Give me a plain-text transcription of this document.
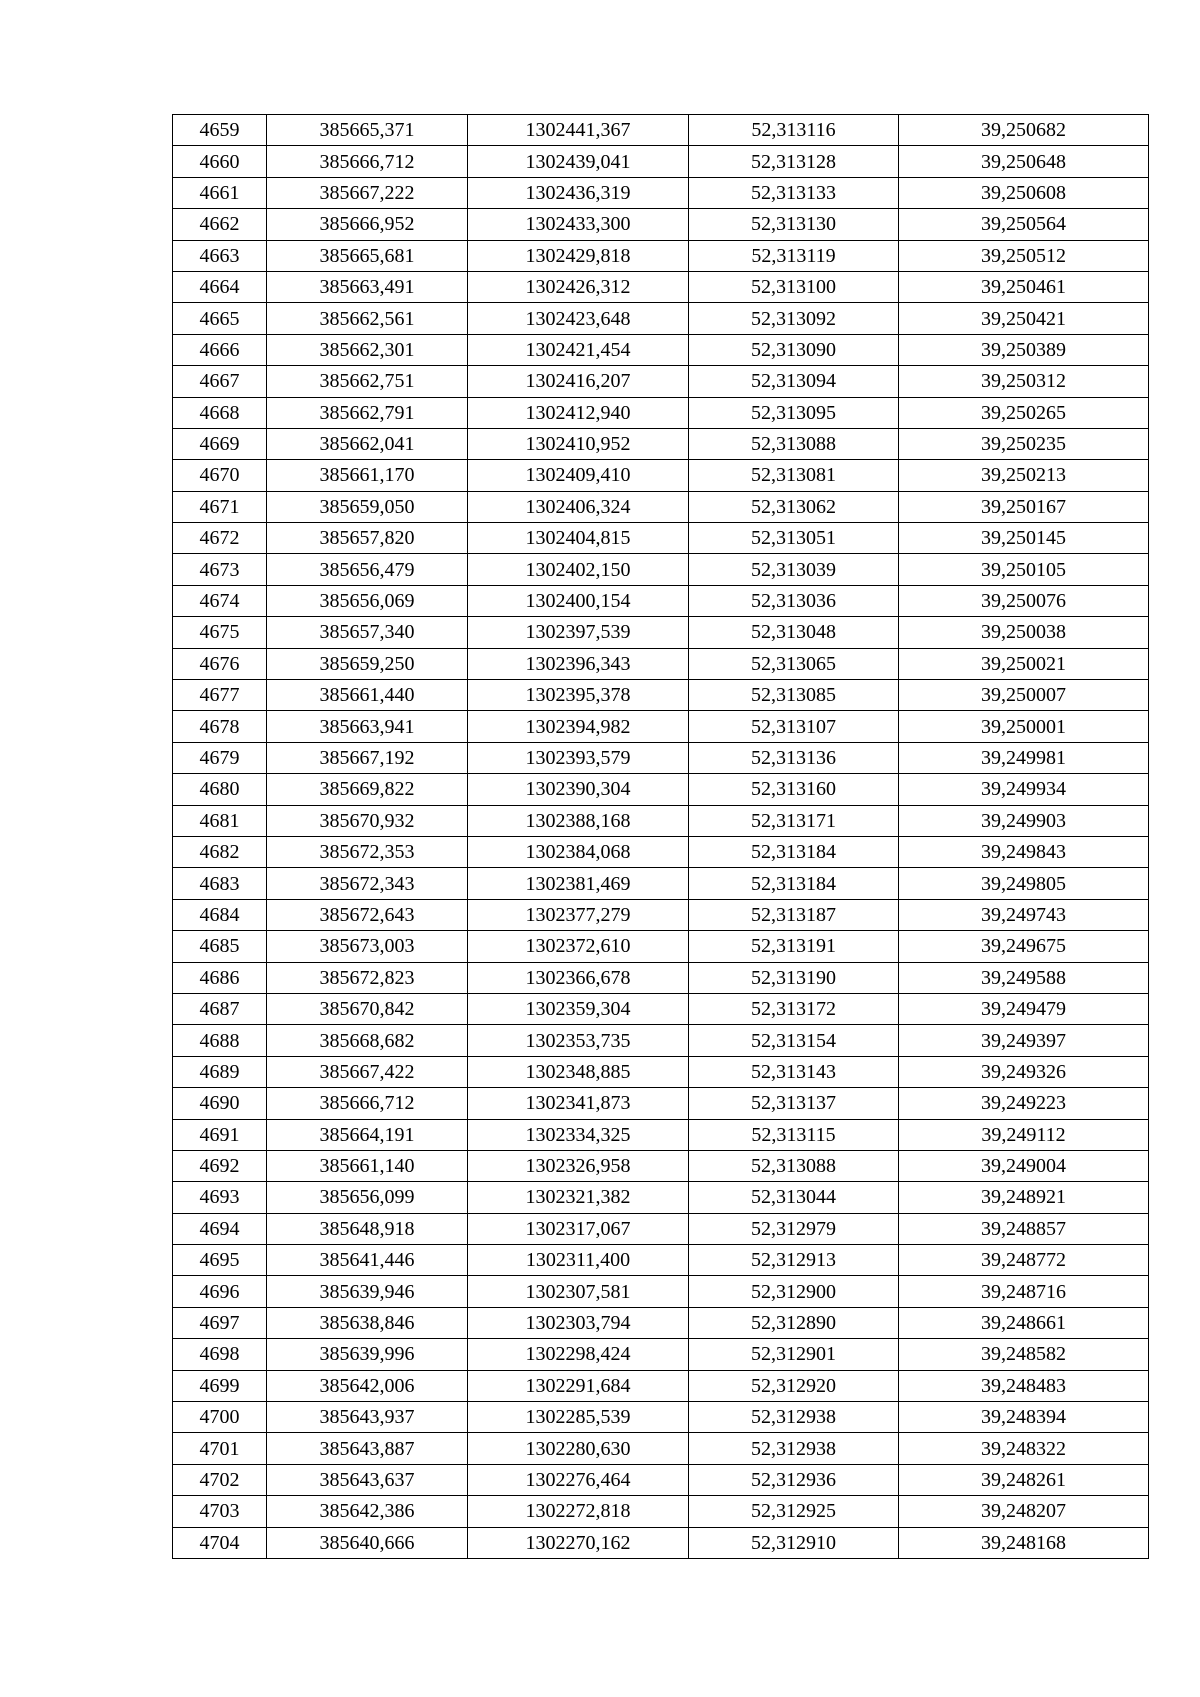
4659	385665,371	1302441,367	52,313116	39,250682
4660	385666,712	1302439,041	52,313128	39,250648
4661	385667,222	1302436,319	52,313133	39,250608
4662	385666,952	1302433,300	52,313130	39,250564
4663	385665,681	1302429,818	52,313119	39,250512
4664	385663,491	1302426,312	52,313100	39,250461
4665	385662,561	1302423,648	52,313092	39,250421
4666	385662,301	1302421,454	52,313090	39,250389
4667	385662,751	1302416,207	52,313094	39,250312
4668	385662,791	1302412,940	52,313095	39,250265
4669	385662,041	1302410,952	52,313088	39,250235
4670	385661,170	1302409,410	52,313081	39,250213
4671	385659,050	1302406,324	52,313062	39,250167
4672	385657,820	1302404,815	52,313051	39,250145
4673	385656,479	1302402,150	52,313039	39,250105
4674	385656,069	1302400,154	52,313036	39,250076
4675	385657,340	1302397,539	52,313048	39,250038
4676	385659,250	1302396,343	52,313065	39,250021
4677	385661,440	1302395,378	52,313085	39,250007
4678	385663,941	1302394,982	52,313107	39,250001
4679	385667,192	1302393,579	52,313136	39,249981
4680	385669,822	1302390,304	52,313160	39,249934
4681	385670,932	1302388,168	52,313171	39,249903
4682	385672,353	1302384,068	52,313184	39,249843
4683	385672,343	1302381,469	52,313184	39,249805
4684	385672,643	1302377,279	52,313187	39,249743
4685	385673,003	1302372,610	52,313191	39,249675
4686	385672,823	1302366,678	52,313190	39,249588
4687	385670,842	1302359,304	52,313172	39,249479
4688	385668,682	1302353,735	52,313154	39,249397
4689	385667,422	1302348,885	52,313143	39,249326
4690	385666,712	1302341,873	52,313137	39,249223
4691	385664,191	1302334,325	52,313115	39,249112
4692	385661,140	1302326,958	52,313088	39,249004
4693	385656,099	1302321,382	52,313044	39,248921
4694	385648,918	1302317,067	52,312979	39,248857
4695	385641,446	1302311,400	52,312913	39,248772
4696	385639,946	1302307,581	52,312900	39,248716
4697	385638,846	1302303,794	52,312890	39,248661
4698	385639,996	1302298,424	52,312901	39,248582
4699	385642,006	1302291,684	52,312920	39,248483
4700	385643,937	1302285,539	52,312938	39,248394
4701	385643,887	1302280,630	52,312938	39,248322
4702	385643,637	1302276,464	52,312936	39,248261
4703	385642,386	1302272,818	52,312925	39,248207
4704	385640,666	1302270,162	52,312910	39,248168
